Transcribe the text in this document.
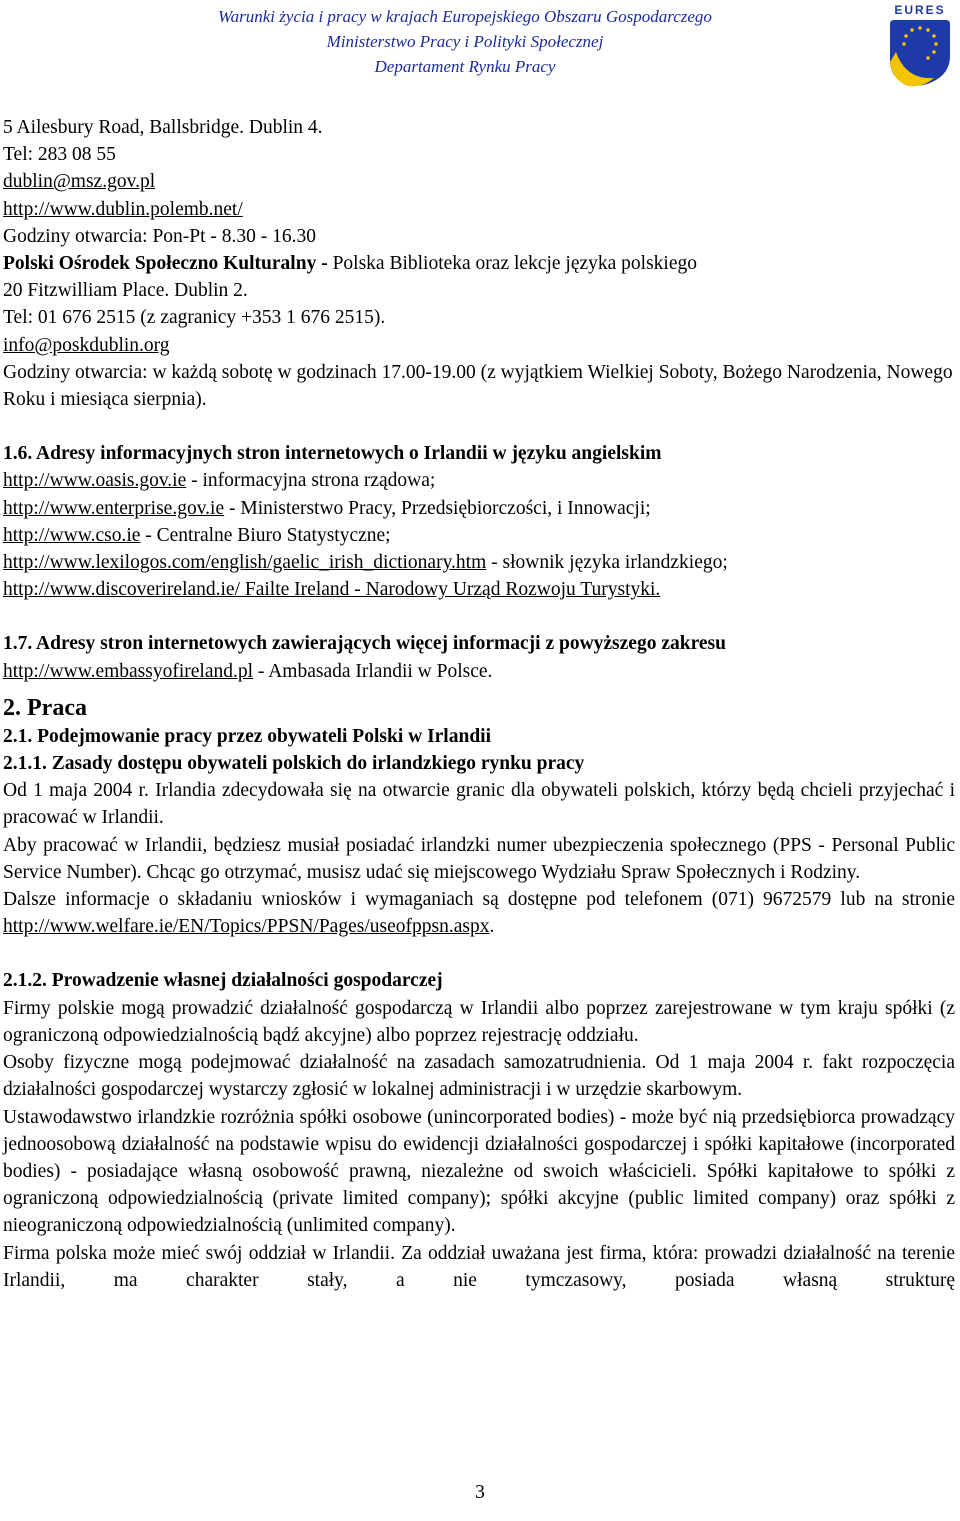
Warunki życia i pracy w krajach Europejskiego Obszaru Gospodarczego
Ministerstwo Pracy i Polityki Społecznej
Departament Rynku Pracy
EURES

5 Ailesbury Road, Ballsbridge. Dublin 4.

Tel: 283 08 55

dublin@msz.gov.pl

http://www.dublin.polemb.net/

Godziny otwarcia: Pon-Pt - 8.30 - 16.30

Polski Ośrodek Społeczno Kulturalny - Polska Biblioteka oraz lekcje języka polskiego

20 Fitzwilliam Place. Dublin 2.

Tel: 01 676 2515 (z zagranicy +353 1 676 2515).

info@poskdublin.org

Godziny otwarcia: w każdą sobotę w godzinach 17.00-19.00 (z wyjątkiem Wielkiej Soboty, Bożego Narodzenia, Nowego Roku i miesiąca sierpnia).

1.6. Adresy informacyjnych stron internetowych o Irlandii w języku angielskim

http://www.oasis.gov.ie - informacyjna strona rządowa;

http://www.enterprise.gov.ie - Ministerstwo Pracy, Przedsiębiorczości, i Innowacji;

http://www.cso.ie - Centralne Biuro Statystyczne;

http://www.lexilogos.com/english/gaelic_irish_dictionary.htm - słownik języka irlandzkiego;

http://www.discoverireland.ie/ Failte Ireland - Narodowy Urząd Rozwoju Turystyki.

1.7. Adresy stron internetowych zawierających więcej informacji z powyższego zakresu

http://www.embassyofireland.pl - Ambasada Irlandii w Polsce.

2. Praca

2.1. Podejmowanie pracy przez obywateli Polski w Irlandii

2.1.1. Zasady dostępu obywateli polskich do irlandzkiego rynku pracy

Od 1 maja 2004 r. Irlandia zdecydowała się na otwarcie granic dla obywateli polskich, którzy będą chcieli przyjechać i pracować w Irlandii.

Aby pracować w Irlandii, będziesz musiał posiadać irlandzki numer ubezpieczenia społecznego (PPS - Personal Public Service Number). Chcąc go otrzymać, musisz udać się miejscowego Wydziału Spraw Społecznych i Rodziny.

Dalsze informacje o składaniu wniosków i wymaganiach są dostępne pod telefonem (071) 9672579 lub na stronie http://www.welfare.ie/EN/Topics/PPSN/Pages/useofppsn.aspx.

2.1.2. Prowadzenie własnej działalności gospodarczej

Firmy polskie mogą prowadzić działalność gospodarczą w Irlandii albo poprzez zarejestrowane w tym kraju spółki (z ograniczoną odpowiedzialnością bądź akcyjne) albo poprzez rejestrację oddziału.

Osoby fizyczne mogą podejmować działalność na zasadach samozatrudnienia. Od 1 maja 2004 r. fakt rozpoczęcia działalności gospodarczej wystarczy zgłosić w lokalnej administracji i w urzędzie skarbowym.

Ustawodawstwo irlandzkie rozróżnia spółki osobowe (unincorporated bodies) - może być nią przedsiębiorca prowadzący jednoosobową działalność na podstawie wpisu do ewidencji działalności gospodarczej i spółki kapitałowe (incorporated bodies) - posiadające własną osobowość prawną, niezależne od swoich właścicieli. Spółki kapitałowe to spółki z ograniczoną odpowiedzialnością (private limited company); spółki akcyjne (public limited company) oraz spółki z nieograniczoną odpowiedzialnością (unlimited company).

Firma polska może mieć swój oddział w Irlandii. Za oddział uważana jest firma, która: prowadzi działalność na terenie Irlandii, ma charakter stały, a nie tymczasowy, posiada własną strukturę

3
